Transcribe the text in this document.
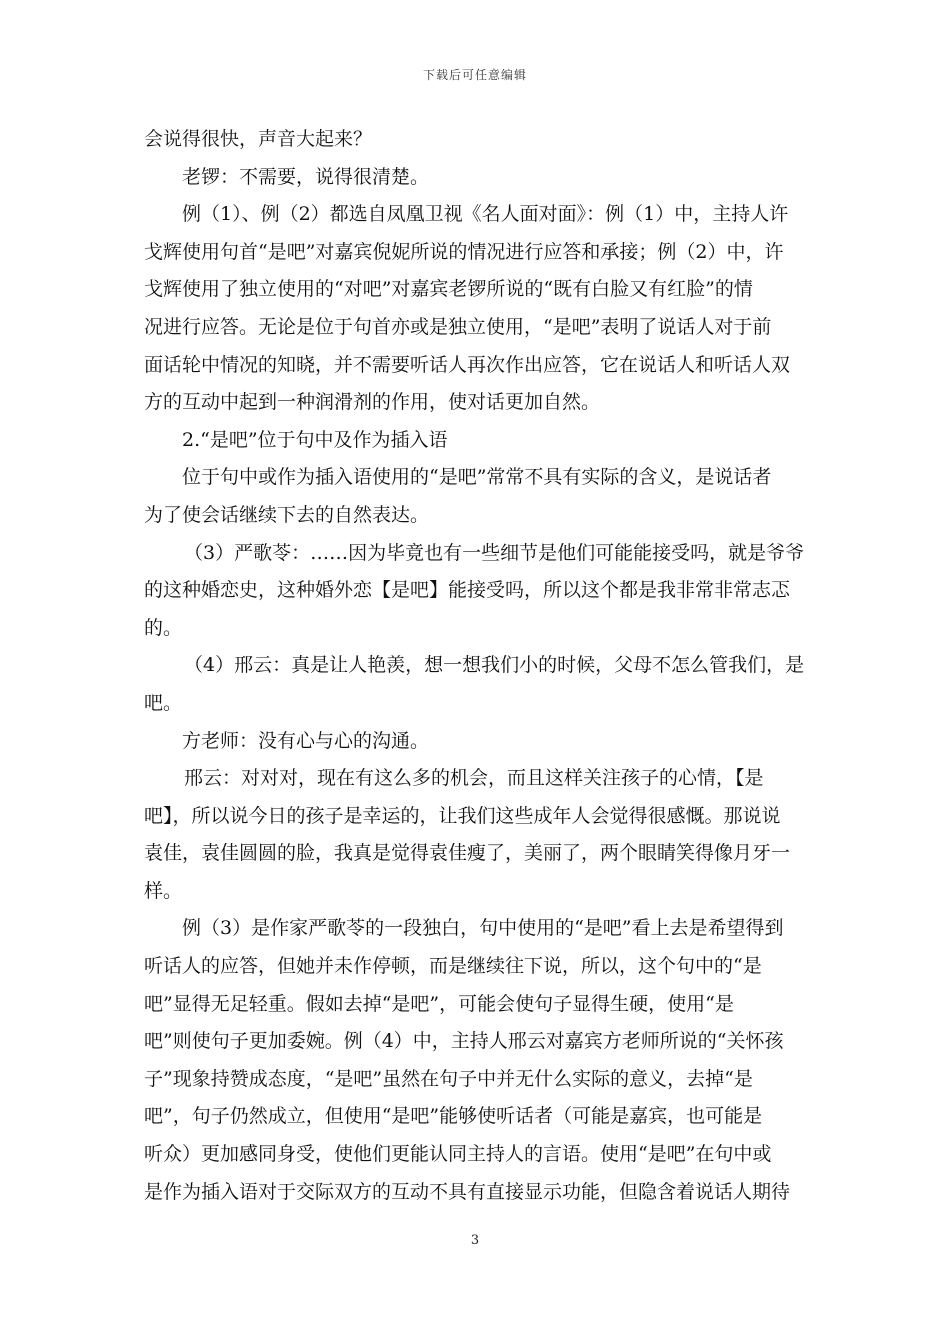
下载后可任意编辑
会说得很快，声音大起来？
老锣：不需要，说得很清楚。
例（1）、例（2）都选自凤凰卫视《名人面对面》：例（1）中，主持人许
戈辉使用句首“是吧”对嘉宾倪妮所说的情况进行应答和承接；例（2）中，许
戈辉使用了独立使用的“对吧”对嘉宾老锣所说的“既有白脸又有红脸”的情
况进行应答。无论是位于句首亦或是独立使用，“是吧”表明了说话人对于前
面话轮中情况的知晓，并不需要听话人再次作出应答，它在说话人和听话人双
方的互动中起到一种润滑剂的作用，使对话更加自然。
2.“是吧”位于句中及作为插入语
位于句中或作为插入语使用的“是吧”常常不具有实际的含义，是说话者
为了使会话继续下去的自然表达。
（3）严歌苓：……因为毕竟也有一些细节是他们可能能接受吗，就是爷爷
的这种婚恋史，这种婚外恋【是吧】能接受吗，所以这个都是我非常非常志忑
的。
（4）邢云：真是让人艳羡，想一想我们小的时候，父母不怎么管我们，是
吧。
方老师：没有心与心的沟通。
邢云：对对对，现在有这么多的机会，而且这样关注孩子的心情，【是
吧】，所以说今日的孩子是幸运的，让我们这些成年人会觉得很感慨。那说说
袁佳，袁佳圆圆的脸，我真是觉得袁佳瘦了，美丽了，两个眼睛笑得像月牙一
样。
例（3）是作家严歌苓的一段独白，句中使用的“是吧”看上去是希望得到
听话人的应答，但她并未作停顿，而是继续往下说，所以，这个句中的“是
吧”显得无足轻重。假如去掉“是吧”，可能会使句子显得生硬，使用“是
吧”则使句子更加委婉。例（4）中，主持人邢云对嘉宾方老师所说的“关怀孩
子”现象持赞成态度，“是吧”虽然在句子中并无什么实际的意义，去掉“是
吧”，句子仍然成立，但使用“是吧”能够使听话者（可能是嘉宾，也可能是
听众）更加感同身受，使他们更能认同主持人的言语。使用“是吧”在句中或
是作为插入语对于交际双方的互动不具有直接显示功能，但隐含着说话人期待
3
